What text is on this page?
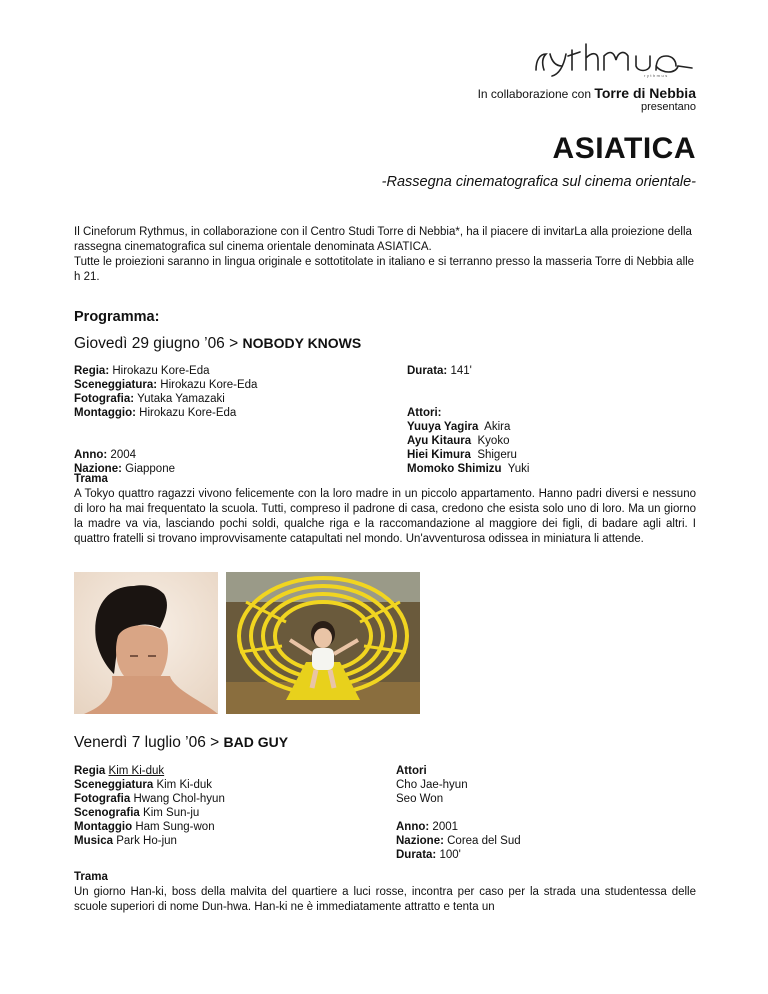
rythmus
In collaborazione con Torre di Nebbia
presentano
ASIATICA
-Rassegna cinematografica sul cinema orientale-

Il Cineforum Rythmus, in collaborazione con il Centro Studi Torre di Nebbia*, ha il piacere di invitarLa alla proiezione della rassegna cinematografica sul cinema orientale denominata ASIATICA.

Tutte le proiezioni saranno in lingua originale e sottotitolate in italiano e si terranno presso la masseria Torre di Nebbia alle h 21.

Programma:
Giovedì 29 giugno ’06 > NOBODY KNOWS
Regia: Hirokazu Kore-Eda
Sceneggiatura: Hirokazu Kore-Eda
Fotografia: Yutaka Yamazaki
Montaggio: Hirokazu Kore-Eda
Anno: 2004
Nazione: Giappone
Durata: 141'
Attori:
Yuuya Yagira Akira
Ayu Kitaura Kyoko
Hiei Kimura Shigeru
Momoko Shimizu Yuki
Trama
A Tokyo quattro ragazzi vivono felicemente con la loro madre in un piccolo appartamento. Hanno padri diversi e nessuno di loro ha mai frequentato la scuola. Tutti, compreso il padrone di casa, credono che esista solo uno di loro. Ma un giorno la madre va via, lasciando pochi soldi, qualche riga e la raccomandazione al maggiore dei figli, di badare agli altri. I quattro fratelli si trovano improvvisamente catapultati nel mondo. Un'avventurosa odissea in miniatura li attende.
Venerdì 7 luglio ’06 > BAD GUY
Regia Kim Ki-duk
Sceneggiatura Kim Ki-duk
Fotografia Hwang Chol-hyun
Scenografia Kim Sun-ju
Montaggio Ham Sung-won
Musica Park Ho-jun
Attori
Cho Jae-hyun
Seo Won
Anno: 2001
Nazione: Corea del Sud
Durata: 100'
Trama
Un giorno Han-ki, boss della malvita del quartiere a luci rosse, incontra per caso per la strada una studentessa delle scuole superiori di nome Dun-hwa. Han-ki ne è immediatamente attratto e tenta un
